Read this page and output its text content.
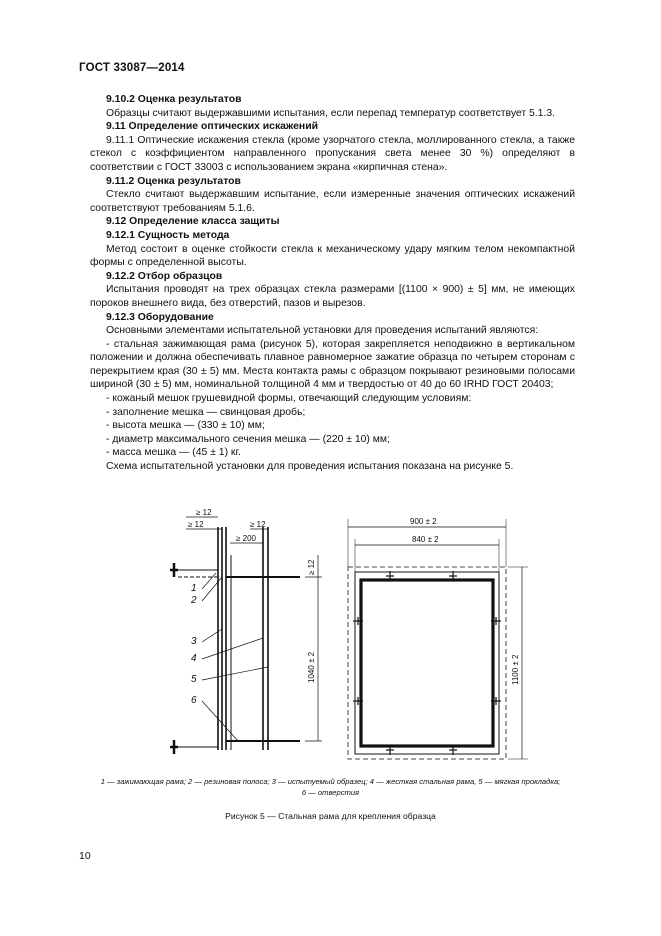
ГОСТ 33087—2014

9.10.2 Оценка результатов

Образцы считают выдержавшими испытания, если перепад температур соответствует 5.1.3.

9.11 Определение оптических искажений

9.11.1 Оптические искажения стекла (кроме узорчатого стекла, моллированного стекла, а также стекол с коэффициентом направленного пропускания света менее 30 %) определяют в соответствии с ГОСТ 33003 с использованием экрана «кирпичная стена».

9.11.2 Оценка результатов

Стекло считают выдержавшим испытание, если измеренные значения оптических искажений соответствуют требованиям 5.1.6.

9.12 Определение класса защиты

9.12.1 Сущность метода

Метод состоит в оценке стойкости стекла к механическому удару мягким телом некомпактной формы с определенной высоты.

9.12.2 Отбор образцов

Испытания проводят на трех образцах стекла размерами [(1100 × 900) ± 5] мм, не имеющих пороков внешнего вида, без отверстий, пазов и вырезов.

9.12.3 Оборудование

Основными элементами испытательной установки для проведения испытаний являются:

- стальная зажимающая рама (рисунок 5), которая закрепляется неподвижно в вертикальном положении и должна обеспечивать плавное равномерное зажатие образца по четырем сторонам с перекрытием края (30 ± 5) мм. Места контакта рамы с образцом покрывают резиновыми полосами шириной (30 ± 5) мм, номинальной толщиной 4 мм и твердостью от 40 до 60 IRHD ГОСТ 20403;

- кожаный мешок грушевидной формы, отвечающий следующим условиям:

- заполнение мешка — свинцовая дробь;

- высота мешка — (330 ± 10) мм;

- диаметр максимального сечения мешка — (220 ± 10) мм;

- масса мешка — (45 ± 1) кг.

Схема испытательной установки для проведения испытания показана на рисунке 5.

≥ 12
≥ 12	≥ 12
≥ 200
≥ 12
1040 ± 2
1
2
3
4
5
6
900 ± 2
840 ± 2
1100 ± 2
1 — зажимающая рама; 2 — резиновая полоса; 3 — испытуемый образец; 4 — жесткая стальная рама, 5 — мягкая прокладка;
6 — отверстия
Рисунок 5 — Стальная рама для крепления образца
10
